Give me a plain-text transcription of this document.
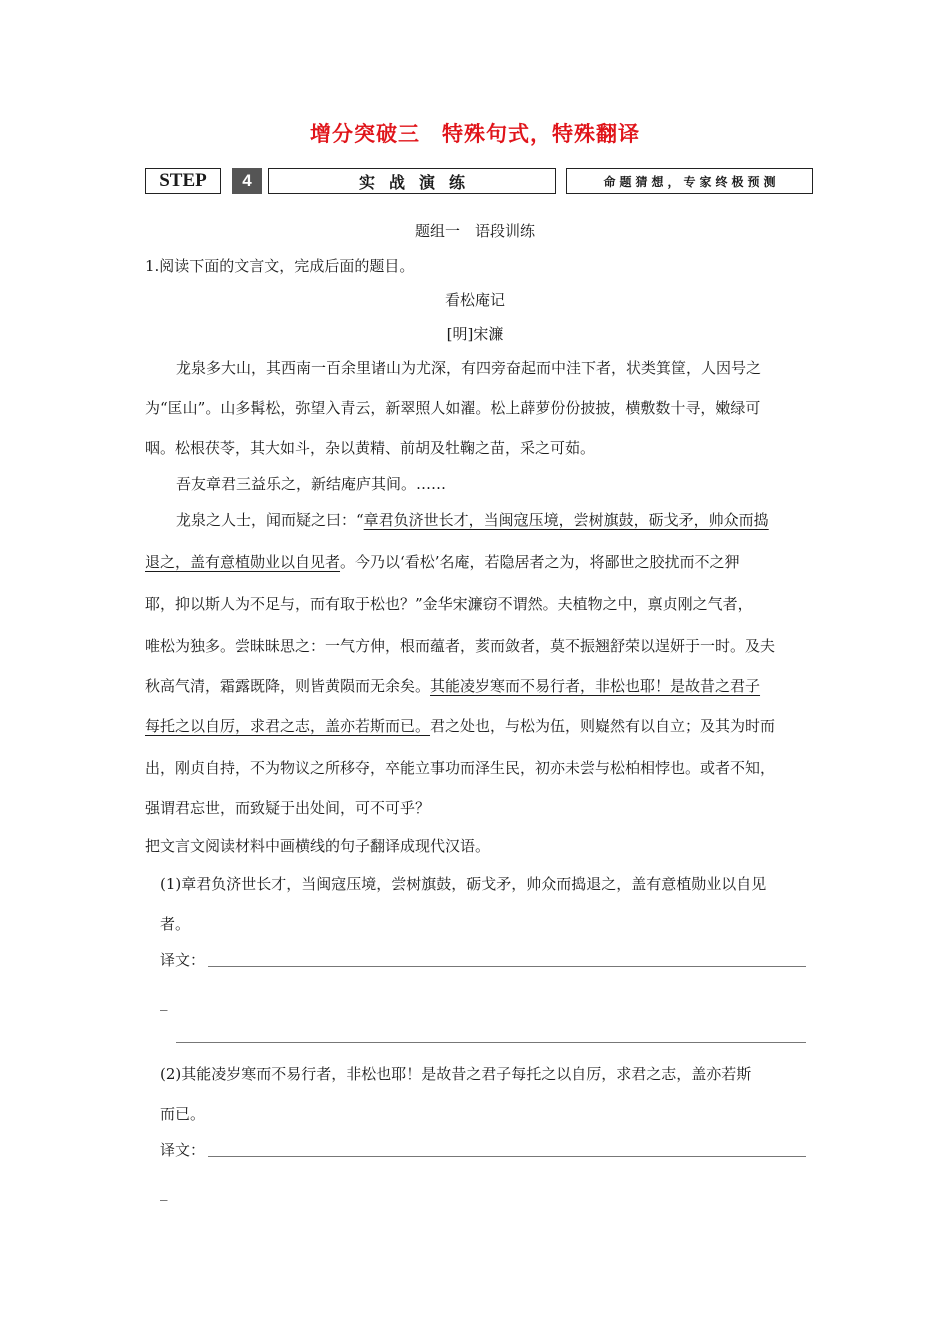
增分突破三　特殊句式，特殊翻译
STEP	4	实战演练	命题猜想，专家终极预测
题组一　语段训练
1.阅读下面的文言文，完成后面的题目。
看松庵记
[明]宋濂
龙泉多大山，其西南一百余里诸山为尤深，有四旁奋起而中洼下者，状类箕筐，人因号之
为“匡山”。山多髯松，弥望入青云，新翠照人如濯。松上薜萝份份披披，横敷数十寻，嫩绿可
咽。松根茯苓，其大如斗，杂以黄精、前胡及牡鞠之苗，采之可茹。
吾友章君三益乐之，新结庵庐其间。……
龙泉之人士，闻而疑之曰：“章君负济世长才，当闽寇压境，尝树旗鼓，砺戈矛，帅众而捣
退之，盖有意植勋业以自见者。今乃以‘看松’名庵，若隐居者之为，将鄙世之胶扰而不之狎
耶，抑以斯人为不足与，而有取于松也？”金华宋濂窃不谓然。夫植物之中，禀贞刚之气者，
唯松为独多。尝昧昧思之：一气方伸，根而蕴者，荄而敛者，莫不振翘舒荣以逞妍于一时。及夫
秋高气清，霜露既降，则皆黄陨而无余矣。其能凌岁寒而不易行者，非松也耶！是故昔之君子
每托之以自厉，求君之志，盖亦若斯而已。君之处也，与松为伍，则嶷然有以自立；及其为时而
出，刚贞自持，不为物议之所移夺，卒能立事功而泽生民，初亦未尝与松柏相悖也。或者不知，
强谓君忘世，而致疑于出处间，可不可乎？
把文言文阅读材料中画横线的句子翻译成现代汉语。
(1)章君负济世长才，当闽寇压境，尝树旗鼓，砺戈矛，帅众而捣退之，盖有意植勋业以自见
者。
译文：
_
(2)其能凌岁寒而不易行者，非松也耶！是故昔之君子每托之以自厉，求君之志，盖亦若斯
而已。
译文：
_
